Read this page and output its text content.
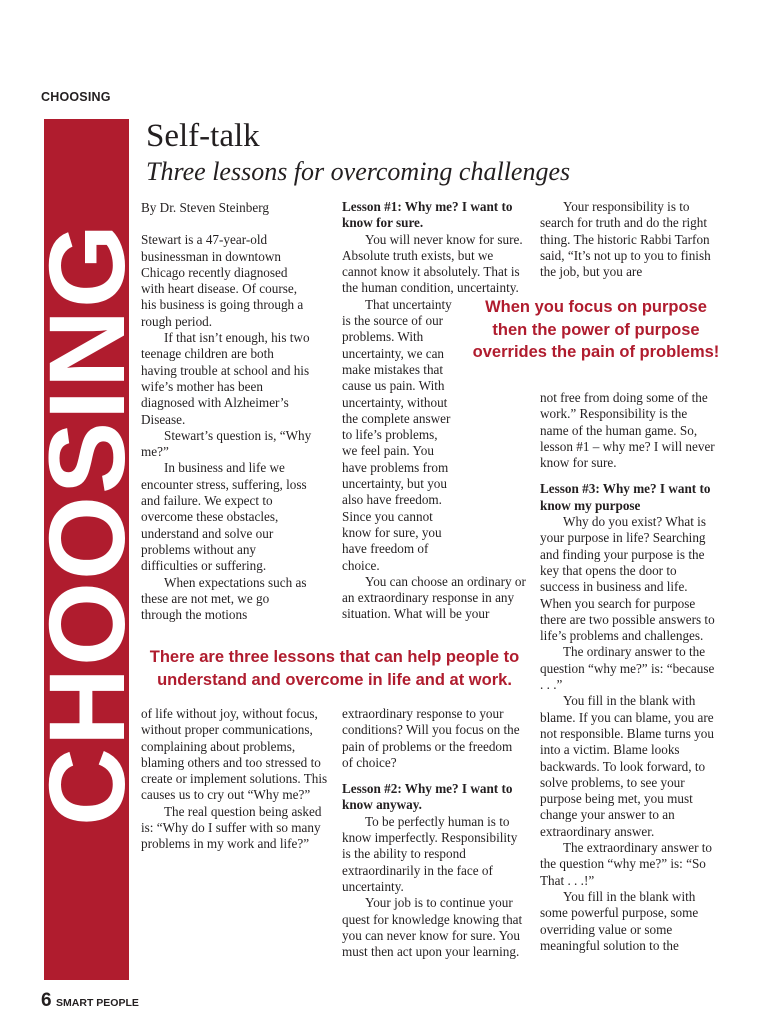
CHOOSING
CHOOSING
Self-talk
Three lessons for overcoming challenges

By Dr. Steven Steinberg

Stewart is a 47-year-old businessman in downtown Chicago recently diagnosed with heart disease. Of course, his business is going through a rough period.

If that isn’t enough, his two teenage children are both having trouble at school and his wife’s mother has been diagnosed with Alzheimer’s Disease.

Stewart’s question is, “Why me?”

In business and life we encounter stress, suffering, loss and failure. We expect to overcome these obstacles, understand and solve our problems without any difficulties or suffering.

When expectations such as these are not met, we go through the motions

Lesson #1: Why me? I want to know for sure.

You will never know for sure. Absolute truth exists, but we cannot know it absolutely. That is the human condition, uncertainty.

That uncertainty is the source of our problems. With uncertainty, we can make mistakes that cause us pain. With uncertainty, without the complete answer to life’s problems, we feel pain. You have problems from uncertainty, but you also have freedom. Since you cannot know for sure, you have freedom of choice.

You can choose an ordinary or an extraordinary response in any situation. What will be your

Your responsibility is to search for truth and do the right thing. The historic Rabbi Tarfon said, “It’s not up to you to finish the job, but you are

When you focus on purpose then the power of purpose overrides the pain of problems!

not free from doing some of the work.” Responsibility is the name of the human game. So, lesson #1 – why me? I will never know for sure.

Lesson #3: Why me? I want to know my purpose

Why do you exist? What is your purpose in life? Searching and finding your purpose is the key that opens the door to success in business and life. When you search for purpose there are two possible answers to life’s problems and challenges.

The ordinary answer to the question “why me?” is: “because . . .”

You fill in the blank with blame. If you can blame, you are not responsible. Blame turns you into a victim. Blame looks backwards. To look forward, to solve problems, to see your purpose being met, you must change your answer to an extraordinary answer.

The extraordinary answer to the question “why me?” is: “So That . . .!”

You fill in the blank with some powerful purpose, some overriding value or some meaningful solution to the

There are three lessons that can help people to understand and overcome in life and at work.

of life without joy, without focus, without proper communications, complaining about problems, blaming others and too stressed to create or implement solutions. This causes us to cry out “Why me?”

The real question being asked is: “Why do I suffer with so many problems in my work and life?”

extraordinary response to your conditions? Will you focus on the pain of problems or the freedom of choice?

Lesson #2: Why me? I want to know anyway.

To be perfectly human is to know imperfectly. Responsibility is the ability to respond extraordinarily in the face of uncertainty.

Your job is to continue your quest for knowledge knowing that you can never know for sure. You must then act upon your learning.

6 SMART PEOPLE
